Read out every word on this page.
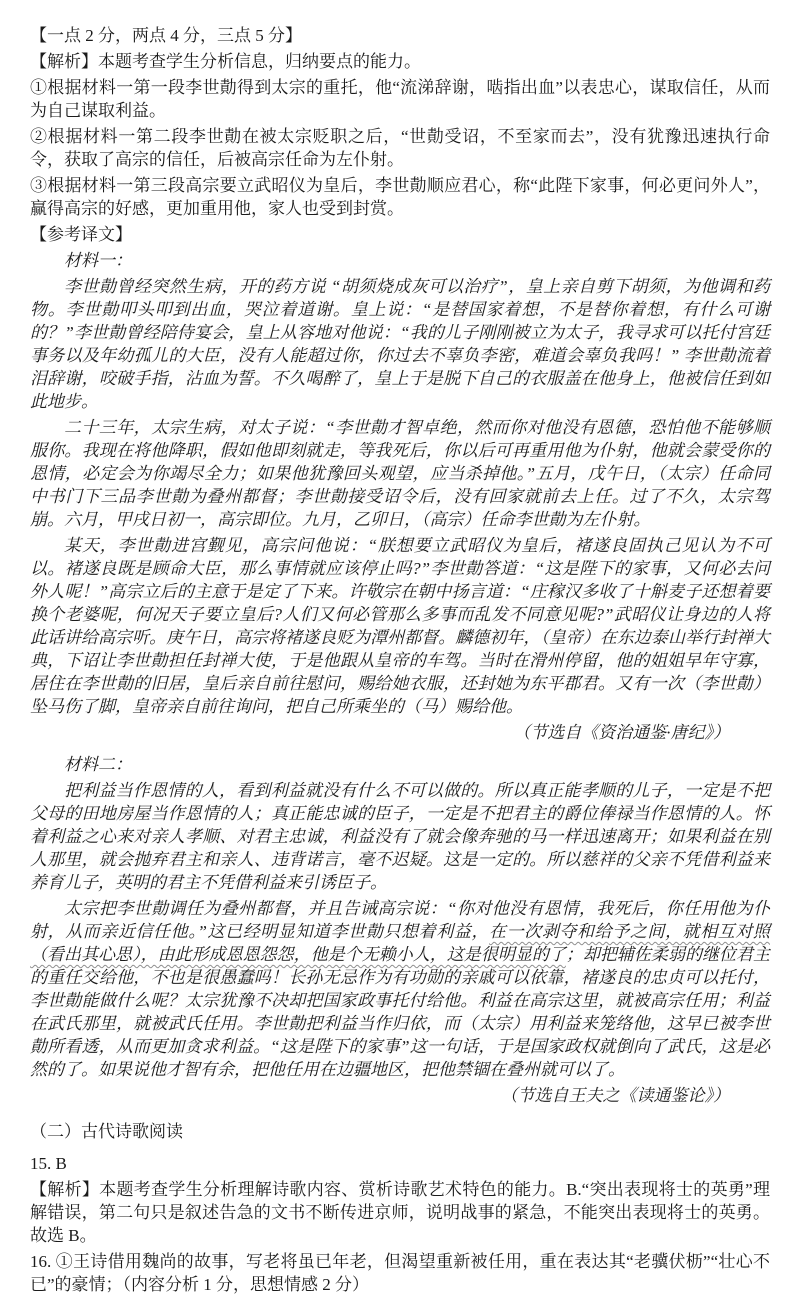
【一点 2 分，两点 4 分，三点 5 分】

【解析】本题考查学生分析信息，归纳要点的能力。

①根据材料一第一段李世勣得到太宗的重托，他“流涕辞谢，啮指出血”以表忠心，谋取信任，从而为自己谋取利益。

②根据材料一第二段李世勣在被太宗贬职之后，“世勣受诏，不至家而去”，没有犹豫迅速执行命令，获取了高宗的信任，后被高宗任命为左仆射。

③根据材料一第三段高宗要立武昭仪为皇后，李世勣顺应君心，称“此陛下家事，何必更问外人”，赢得高宗的好感，更加重用他，家人也受到封赏。

【参考译文】

材料一：

李世勣曾经突然生病，开的药方说 “胡须烧成灰可以治疗”，皇上亲自剪下胡须，为他调和药物。李世勣叩头叩到出血，哭泣着道谢。皇上说：“是替国家着想，不是替你着想，有什么可谢的？”李世勣曾经陪侍宴会，皇上从容地对他说：“我的儿子刚刚被立为太子，我寻求可以托付宫廷事务以及年幼孤儿的大臣，没有人能超过你，你过去不辜负李密，难道会辜负我吗！” 李世勣流着泪辞谢，咬破手指，沾血为誓。不久喝醉了，皇上于是脱下自己的衣服盖在他身上，他被信任到如此地步。

二十三年，太宗生病，对太子说：“李世勣才智卓绝，然而你对他没有恩德，恐怕他不能够顺服你。我现在将他降职，假如他即刻就走，等我死后，你以后可再重用他为仆射，他就会蒙受你的恩情，必定会为你竭尽全力；如果他犹豫回头观望，应当杀掉他。”五月，戊午日，（太宗）任命同中书门下三品李世勣为叠州都督；李世勣接受诏令后，没有回家就前去上任。过了不久，太宗驾崩。六月，甲戌日初一，高宗即位。九月，乙卯日，（高宗）任命李世勣为左仆射。

某天，李世勣进宫觐见，高宗问他说：“朕想要立武昭仪为皇后，褚遂良固执己见认为不可以。褚遂良既是顾命大臣，那么事情就应该停止吗?”李世勣答道：“这是陛下的家事，又何必去问外人呢！”高宗立后的主意于是定了下来。许敬宗在朝中扬言道：“庄稼汉多收了十斛麦子还想着要换个老婆呢，何况天子要立皇后?人们又何必管那么多事而乱发不同意见呢?”武昭仪让身边的人将此话讲给高宗听。庚午日，高宗将褚遂良贬为潭州都督。麟德初年，（皇帝）在东边泰山举行封禅大典，下诏让李世勣担任封禅大使，于是他跟从皇帝的车驾。当时在滑州停留，他的姐姐早年守寡，居住在李世勣的旧居，皇后亲自前往慰问，赐给她衣服，还封她为东平郡君。又有一次（李世勣）坠马伤了脚，皇帝亲自前往询问，把自己所乘坐的（马）赐给他。

（节选自《资治通鉴·唐纪》）

材料二：

把利益当作恩情的人，看到利益就没有什么不可以做的。所以真正能孝顺的儿子，一定是不把父母的田地房屋当作恩情的人；真正能忠诚的臣子，一定是不把君主的爵位俸禄当作恩情的人。怀着利益之心来对亲人孝顺、对君主忠诚，利益没有了就会像奔驰的马一样迅速离开；如果利益在别人那里，就会抛弃君主和亲人、违背诺言，毫不迟疑。这是一定的。所以慈祥的父亲不凭借利益来养育儿子，英明的君主不凭借利益来引诱臣子。

太宗把李世勣调任为叠州都督，并且告诫高宗说：“你对他没有恩情，我死后，你任用他为仆射，从而亲近信任他。”这已经明显知道李世勣只想着利益，在一次剥夺和给予之间，就相互对照（看出其心思），由此形成恩恩怨怨，他是个无赖小人，这是很明显的了；却把辅佐柔弱的继位君主的重任交给他，不也是很愚蠢吗！长孙无忌作为有功勋的亲戚可以依靠，褚遂良的忠贞可以托付，李世勣能做什么呢？太宗犹豫不决却把国家政事托付给他。利益在高宗这里，就被高宗任用；利益在武氏那里，就被武氏任用。李世勣把利益当作归依，而（太宗）用利益来笼络他，这早已被李世勣所看透，从而更加贪求利益。“这是陛下的家事”这一句话，于是国家政权就倒向了武氏，这是必然的了。如果说他才智有余，把他任用在边疆地区，把他禁锢在叠州就可以了。

（节选自王夫之《读通鉴论》）

（二）古代诗歌阅读

15. B

【解析】本题考查学生分析理解诗歌内容、赏析诗歌艺术特色的能力。B.“突出表现将士的英勇”理解错误，第二句只是叙述告急的文书不断传进京师，说明战事的紧急，不能突出表现将士的英勇。故选 B。

16. ①王诗借用魏尚的故事，写老将虽已年老，但渴望重新被任用，重在表达其“老骥伏枥”“壮心不已”的豪情；（内容分析 1 分，思想情感 2 分）
